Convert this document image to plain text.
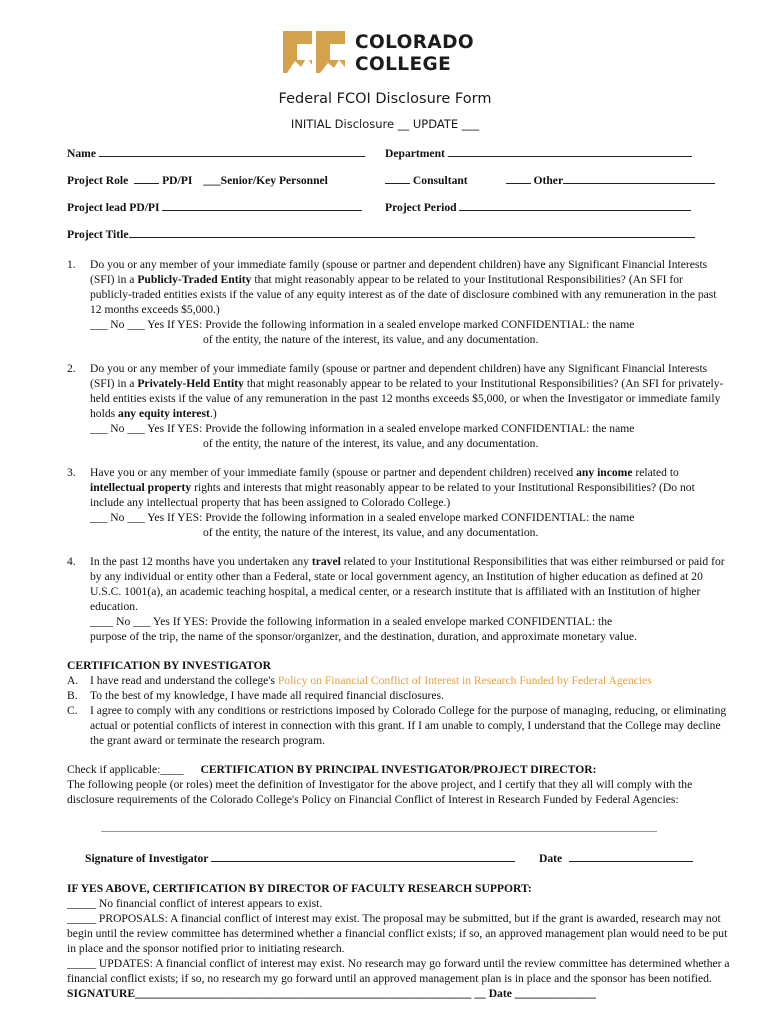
COLORADO
COLLEGE
Federal FCOI Disclosure Form
INITIAL Disclosure __ UPDATE ___
Name	Department
Project Role	PD/PI ___Senior/Key Personnel	Consultant	Other
Project lead PD/PI	Project Period
Project Title
1. Do you or any member of your immediate family (spouse or partner and dependent children) have any Significant Financial Interests (SFI) in a Publicly-Traded Entity that might reasonably appear to be related to your Institutional Responsibilities? (An SFI for publicly-traded entities exists if the value of any equity interest as of the date of disclosure combined with any remuneration in the past 12 months exceeds $5,000.)
___ No ___ Yes If YES: Provide the following information in a sealed envelope marked CONFIDENTIAL: the name
of the entity, the nature of the interest, its value, and any documentation.
2. Do you or any member of your immediate family (spouse or partner and dependent children) have any Significant Financial Interests (SFI) in a Privately-Held Entity that might reasonably appear to be related to your Institutional Responsibilities? (An SFI for privately-held entities exists if the value of any remuneration in the past 12 months exceeds $5,000, or when the Investigator or immediate family holds any equity interest.)
___ No ___ Yes If YES: Provide the following information in a sealed envelope marked CONFIDENTIAL: the name
of the entity, the nature of the interest, its value, and any documentation.
3. Have you or any member of your immediate family (spouse or partner and dependent children) received any income related to intellectual property rights and interests that might reasonably appear to be related to your Institutional Responsibilities? (Do not include any intellectual property that has been assigned to Colorado College.)
___ No ___ Yes If YES: Provide the following information in a sealed envelope marked CONFIDENTIAL: the name
of the entity, the nature of the interest, its value, and any documentation.
4. In the past 12 months have you undertaken any travel related to your Institutional Responsibilities that was either reimbursed or paid for by any individual or entity other than a Federal, state or local government agency, an Institution of higher education as defined at 20 U.S.C. 1001(a), an academic teaching hospital, a medical center, or a research institute that is affiliated with an Institution of higher education.
____ No ___ Yes If YES: Provide the following information in a sealed envelope marked CONFIDENTIAL: the
purpose of the trip, the name of the sponsor/organizer, and the destination, duration, and approximate monetary value.
CERTIFICATION BY INVESTIGATOR
A. I have read and understand the college's Policy on Financial Conflict of Interest in Research Funded by Federal Agencies
B. To the best of my knowledge, I have made all required financial disclosures.
C. I agree to comply with any conditions or restrictions imposed by Colorado College for the purpose of managing, reducing, or eliminating actual or potential conflicts of interest in connection with this grant. If I am unable to comply, I understand that the College may decline the grant award or terminate the research program.
Check if applicable:____ CERTIFICATION BY PRINCIPAL INVESTIGATOR/PROJECT DIRECTOR:
The following people (or roles) meet the definition of Investigator for the above project, and I certify that they all will comply with the disclosure requirements of the Colorado College's Policy on Financial Conflict of Interest in Research Funded by Federal Agencies:
Signature of Investigator	Date
IF YES ABOVE, CERTIFICATION BY DIRECTOR OF FACULTY RESEARCH SUPPORT:
_____ No financial conflict of interest appears to exist.
_____ PROPOSALS: A financial conflict of interest may exist. The proposal may be submitted, but if the grant is awarded, research may not begin until the review committee has determined whether a financial conflict exists; if so, an approved management plan would need to be put in place and the sponsor notified prior to initiating research.
_____ UPDATES: A financial conflict of interest may exist. No research may go forward until the review committee has determined whether a financial conflict exists; if so, no research my go forward until an approved management plan is in place and the sponsor has been notified.
SIGNATURE__________________________________________________________ __ Date ______________
